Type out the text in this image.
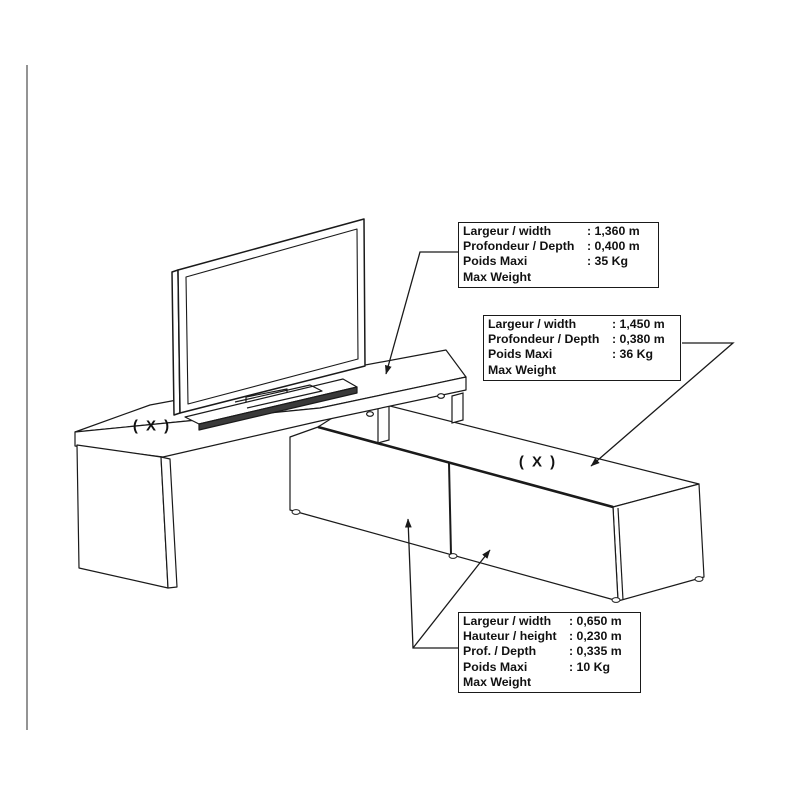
( X )
( X )
Largeur / width	: 1,360 m
Profondeur / Depth	: 0,400 m
Poids Maxi	: 35 Kg
Max Weight
Largeur / width	: 1,450 m
Profondeur / Depth	: 0,380 m
Poids Maxi	: 36 Kg
Max Weight
Largeur / width	: 0,650 m
Hauteur / height	: 0,230 m
Prof. / Depth	: 0,335 m
Poids Maxi	: 10 Kg
Max Weight
